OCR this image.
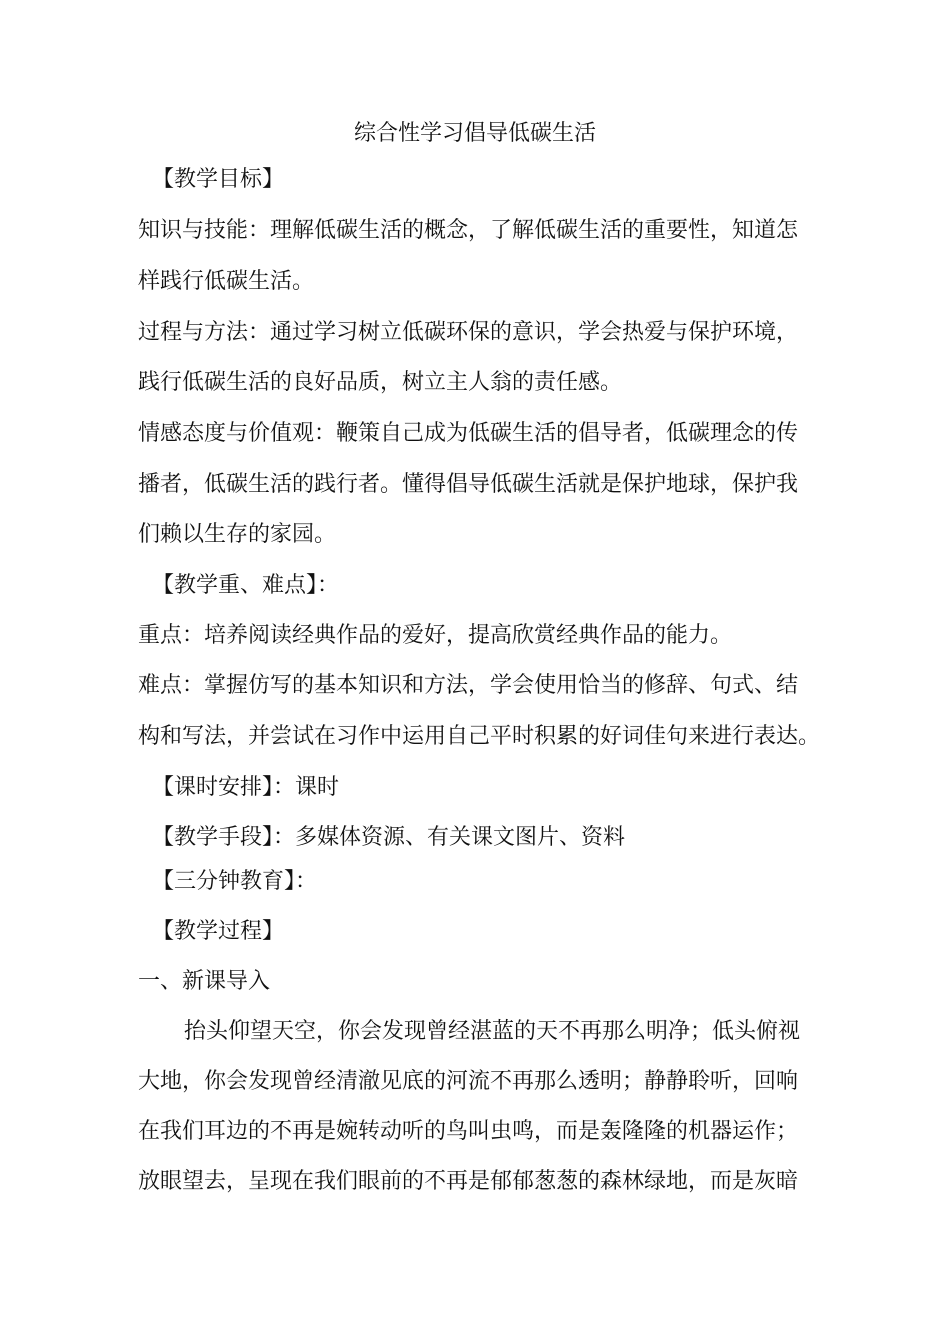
综合性学习倡导低碳生活
【教学目标】
知识与技能：理解低碳生活的概念，了解低碳生活的重要性，知道怎
样践行低碳生活。
过程与方法：通过学习树立低碳环保的意识，学会热爱与保护环境，
践行低碳生活的良好品质，树立主人翁的责任感。
情感态度与价值观：鞭策自己成为低碳生活的倡导者，低碳理念的传
播者，低碳生活的践行者。懂得倡导低碳生活就是保护地球，保护我
们赖以生存的家园。
【教学重、难点】：
重点：培养阅读经典作品的爱好，提高欣赏经典作品的能力。
难点：掌握仿写的基本知识和方法，学会使用恰当的修辞、句式、结
构和写法，并尝试在习作中运用自己平时积累的好词佳句来进行表达。
【课时安排】：课时
【教学手段】：多媒体资源、有关课文图片、资料
【三分钟教育】：
【教学过程】
一、新课导入
抬头仰望天空，你会发现曾经湛蓝的天不再那么明净；低头俯视
大地，你会发现曾经清澈见底的河流不再那么透明；静静聆听，回响
在我们耳边的不再是婉转动听的鸟叫虫鸣，而是轰隆隆的机器运作；
放眼望去，呈现在我们眼前的不再是郁郁葱葱的森林绿地，而是灰暗
